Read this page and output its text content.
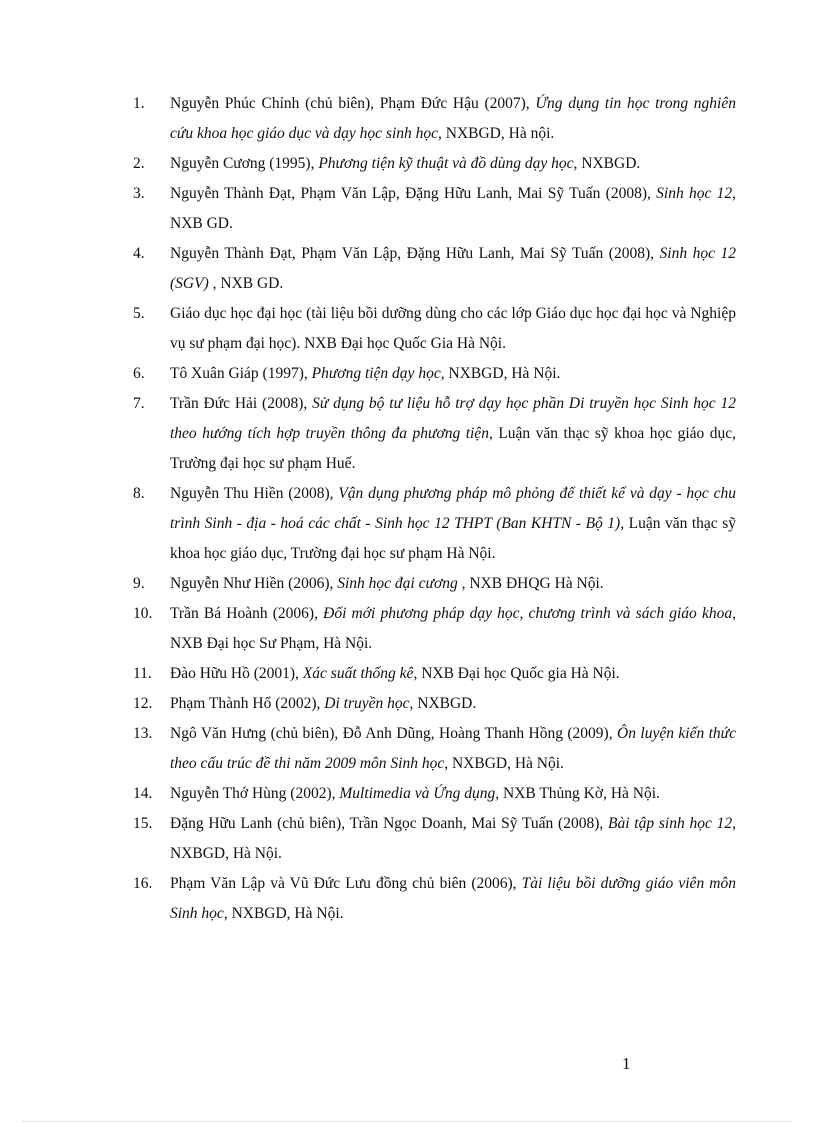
1.	Nguyễn Phúc Chỉnh (chủ biên), Phạm Đức Hậu (2007), Ứng dụng tin học trong nghiên cứu khoa học giáo dục và dạy học sinh học, NXBGD, Hà nội.
2.	Nguyễn Cương (1995), Phương tiện kỹ thuật và đồ dùng dạy học, NXBGD.
3.	Nguyễn Thành Đạt, Phạm Văn Lập, Đặng Hữu Lanh, Mai Sỹ Tuấn (2008), Sinh học 12, NXB GD.
4.	Nguyễn Thành Đạt, Phạm Văn Lập, Đặng Hữu Lanh, Mai Sỹ Tuấn (2008), Sinh học 12 (SGV) , NXB GD.
5.	Giáo dục học đại học (tài liệu bồi dưỡng dùng cho các lớp Giáo dục học đại học và Nghiệp vụ sư phạm đại học). NXB Đại học Quốc Gia Hà Nội.
6.	Tô Xuân Giáp (1997), Phương tiện dạy học, NXBGD, Hà Nội.
7.	Trần Đức Hải (2008), Sử dụng bộ tư liệu hỗ trợ dạy học phần Di truyền học Sinh học 12 theo hướng tích hợp truyền thông đa phương tiện, Luận văn thạc sỹ khoa học giáo dục, Trường đại học sư phạm Huế.
8.	Nguyễn Thu Hiền (2008), Vận dụng phương pháp mô phỏng để thiết kế và dạy - học chu trình Sinh - địa - hoá các chất - Sinh học 12 THPT (Ban KHTN - Bộ 1), Luận văn thạc sỹ khoa học giáo dục, Trường đại học sư phạm Hà Nội.
9.	Nguyễn Như Hiền (2006), Sinh học đại cương , NXB ĐHQG Hà Nội.
10.	Trần Bá Hoành (2006), Đổi mới phương pháp dạy học, chương trình và sách giáo khoa, NXB Đại học Sư Phạm, Hà Nội.
11.	Đào Hữu Hồ (2001), Xác suất thống kê, NXB Đại học Quốc gia Hà Nội.
12.	Phạm Thành Hổ (2002), Di truyền học, NXBGD.
13.	Ngô Văn Hưng (chủ biên), Đỗ Anh Dũng, Hoàng Thanh Hồng (2009), Ôn luyện kiến thức theo cấu trúc đề thi năm 2009 môn Sinh học, NXBGD, Hà Nội.
14.	Nguyễn Thớ Hùng (2002), Multimedia và Ứng dụng, NXB Thủng Kờ, Hà Nội.
15.	Đặng Hữu Lanh (chủ biên), Trần Ngọc Doanh, Mai Sỹ Tuấn (2008), Bài tập sinh học 12, NXBGD, Hà Nội.
16.	Phạm Văn Lập và Vũ Đức Lưu đồng chủ biên (2006), Tài liệu bồi dưỡng giáo viên môn Sinh học, NXBGD, Hà Nội.
1
